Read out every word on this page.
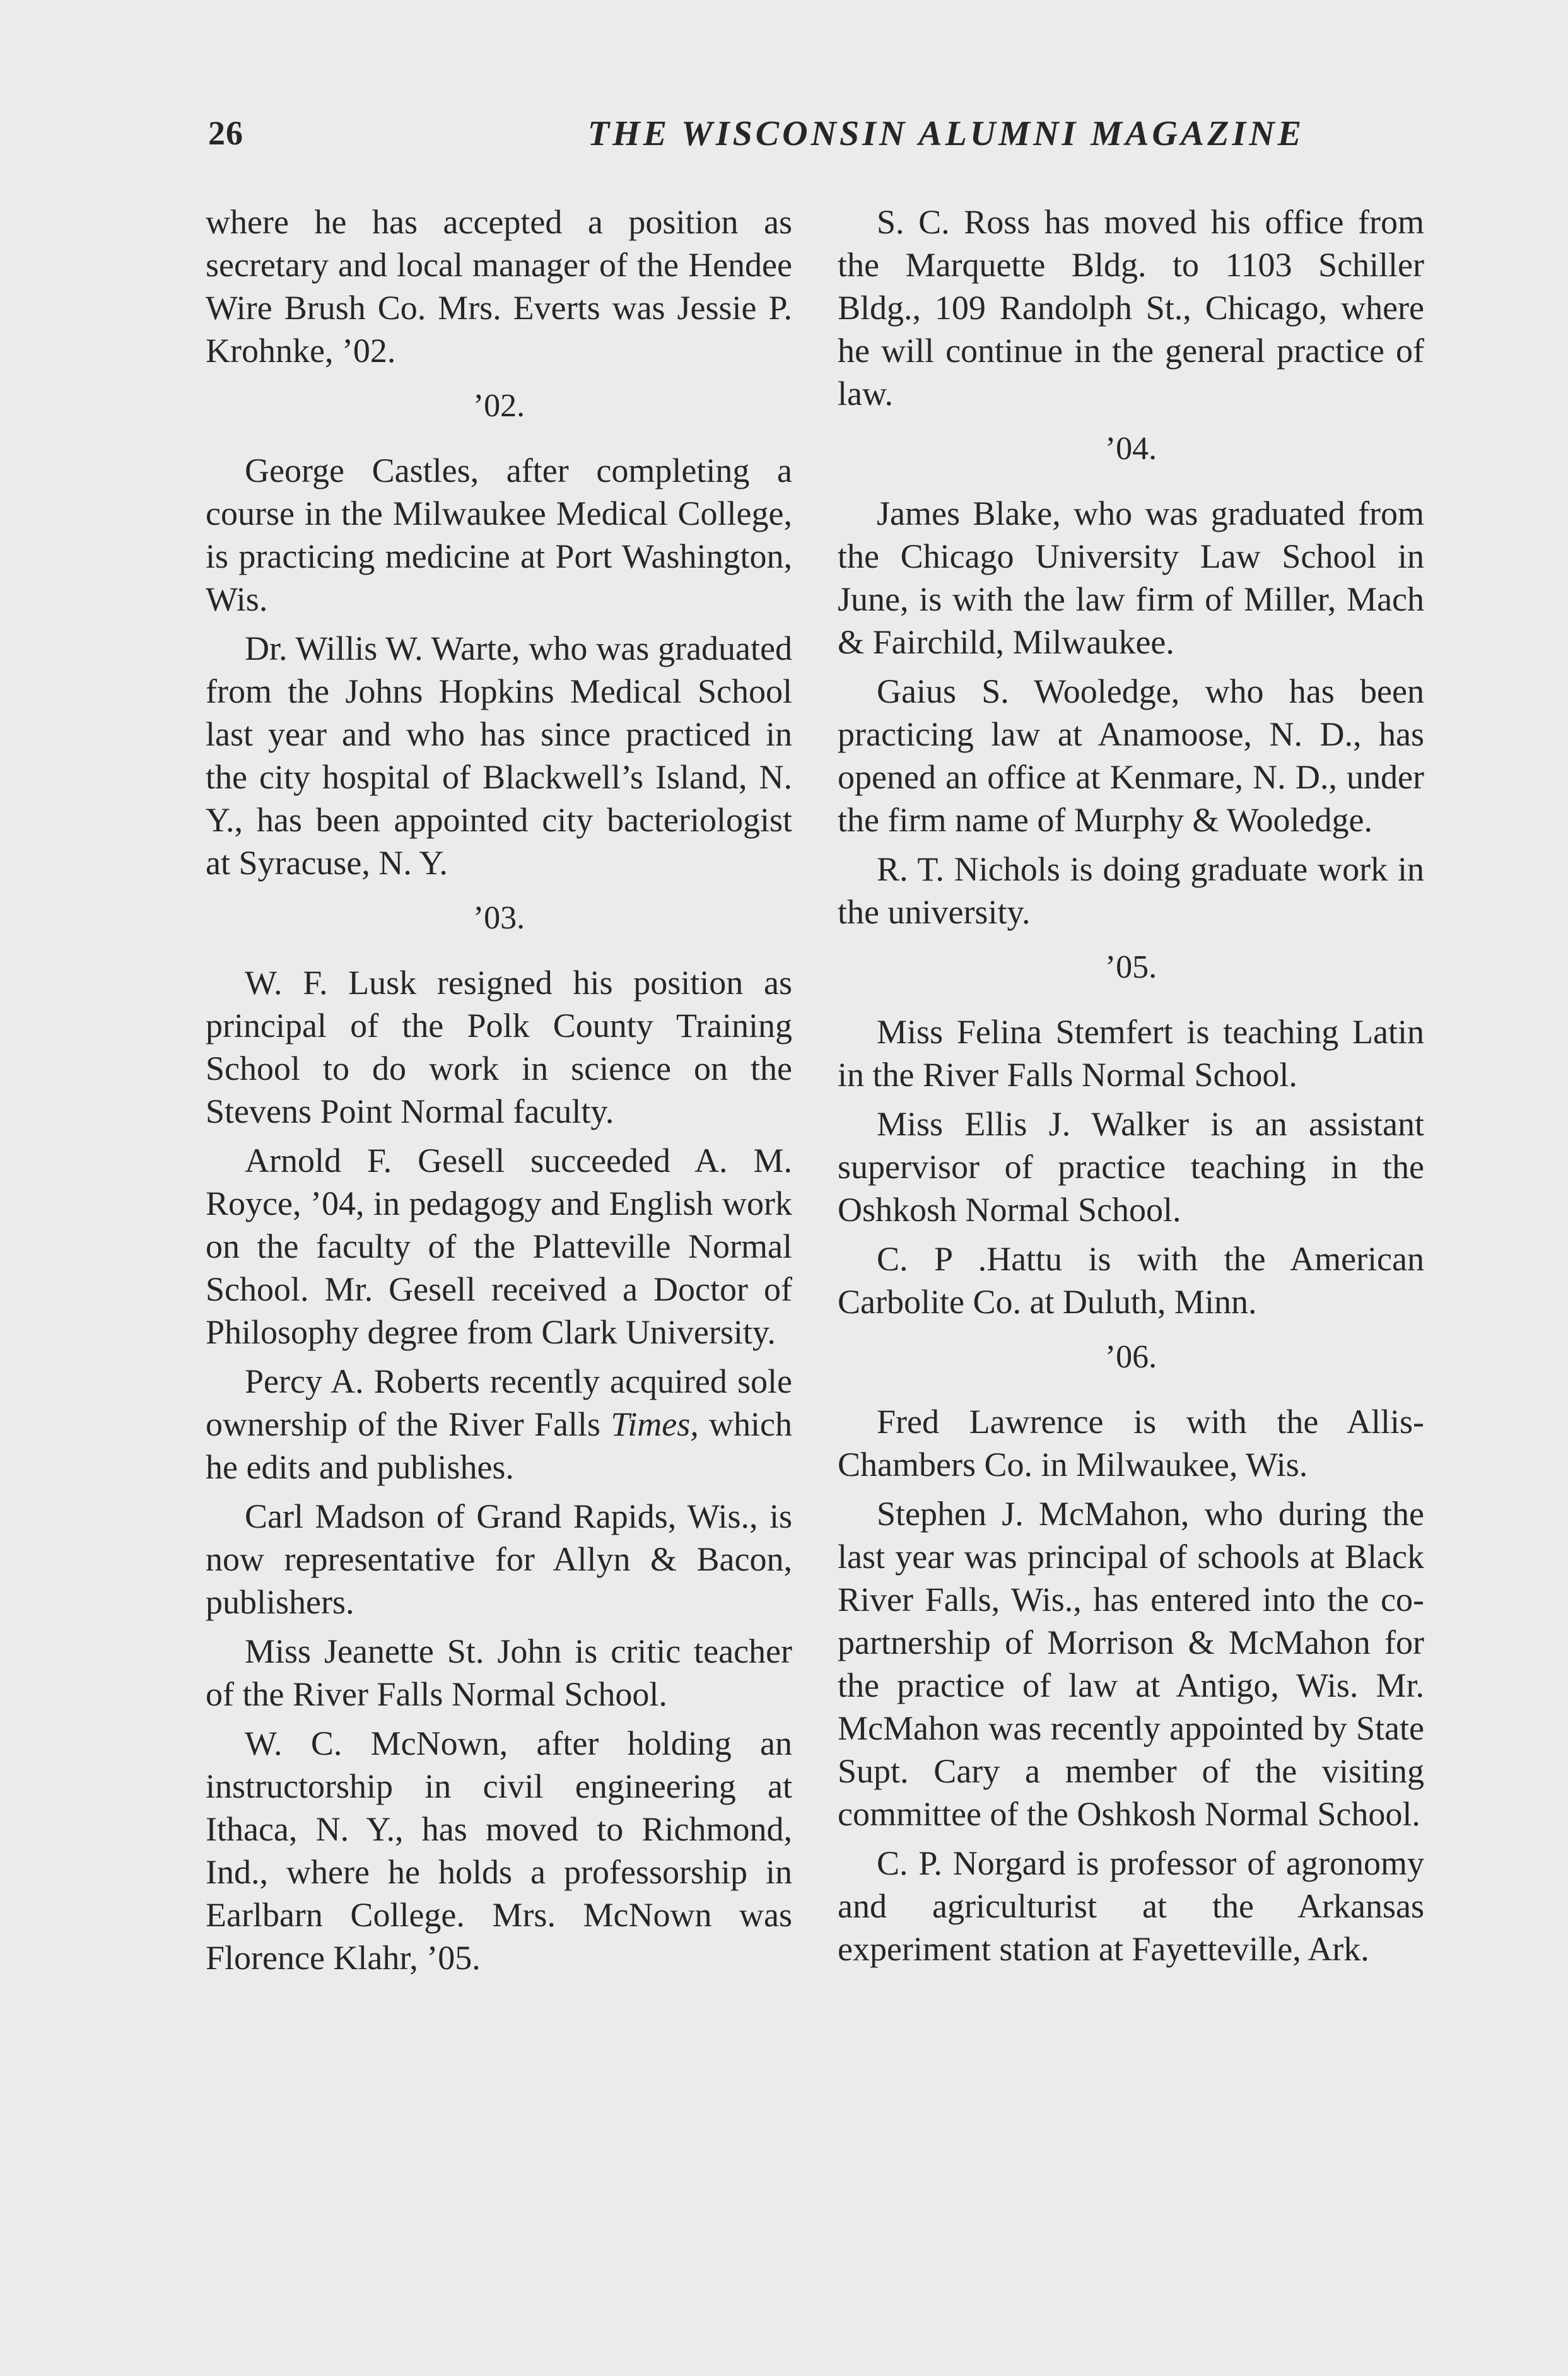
26	THE WISCONSIN ALUMNI MAGAZINE

where he has accepted a position as secretary and local manager of the Hendee Wire Brush Co. Mrs. Everts was Jessie P. Krohnke, ’02.

’02.

George Castles, after completing a course in the Milwaukee Medical College, is practicing medicine at Port Washington, Wis.

Dr. Willis W. Warte, who was graduated from the Johns Hopkins Medical School last year and who has since practiced in the city hospital of Blackwell’s Island, N. Y., has been appointed city bacteriologist at Syracuse, N. Y.

’03.

W. F. Lusk resigned his position as principal of the Polk County Training School to do work in science on the Stevens Point Normal faculty.

Arnold F. Gesell succeeded A. M. Royce, ’04, in pedagogy and English work on the faculty of the Platteville Normal School. Mr. Gesell received a Doctor of Philosophy degree from Clark University.

Percy A. Roberts recently acquired sole ownership of the River Falls Times, which he edits and publishes.

Carl Madson of Grand Rapids, Wis., is now representative for Allyn & Bacon, publishers.

Miss Jeanette St. John is critic teacher of the River Falls Normal School.

W. C. McNown, after holding an instructorship in civil engineering at Ithaca, N. Y., has moved to Richmond, Ind., where he holds a professorship in Earlbarn College. Mrs. McNown was Florence Klahr, ’05.

S. C. Ross has moved his office from the Marquette Bldg. to 1103 Schiller Bldg., 109 Randolph St., Chicago, where he will continue in the general practice of law.

’04.

James Blake, who was graduated from the Chicago University Law School in June, is with the law firm of Miller, Mach & Fairchild, Milwaukee.

Gaius S. Wooledge, who has been practicing law at Anamoose, N. D., has opened an office at Kenmare, N. D., under the firm name of Murphy & Wooledge.

R. T. Nichols is doing graduate work in the university.

’05.

Miss Felina Stemfert is teaching Latin in the River Falls Normal School.

Miss Ellis J. Walker is an assistant supervisor of practice teaching in the Oshkosh Normal School.

C. P .Hattu is with the American Carbolite Co. at Duluth, Minn.

’06.

Fred Lawrence is with the Allis-Chambers Co. in Milwaukee, Wis.

Stephen J. McMahon, who during the last year was principal of schools at Black River Falls, Wis., has entered into the co-partnership of Morrison & McMahon for the practice of law at Antigo, Wis. Mr. McMahon was recently appointed by State Supt. Cary a member of the visiting committee of the Oshkosh Normal School.

C. P. Norgard is professor of agronomy and agriculturist at the Arkansas experiment station at Fayetteville, Ark.
